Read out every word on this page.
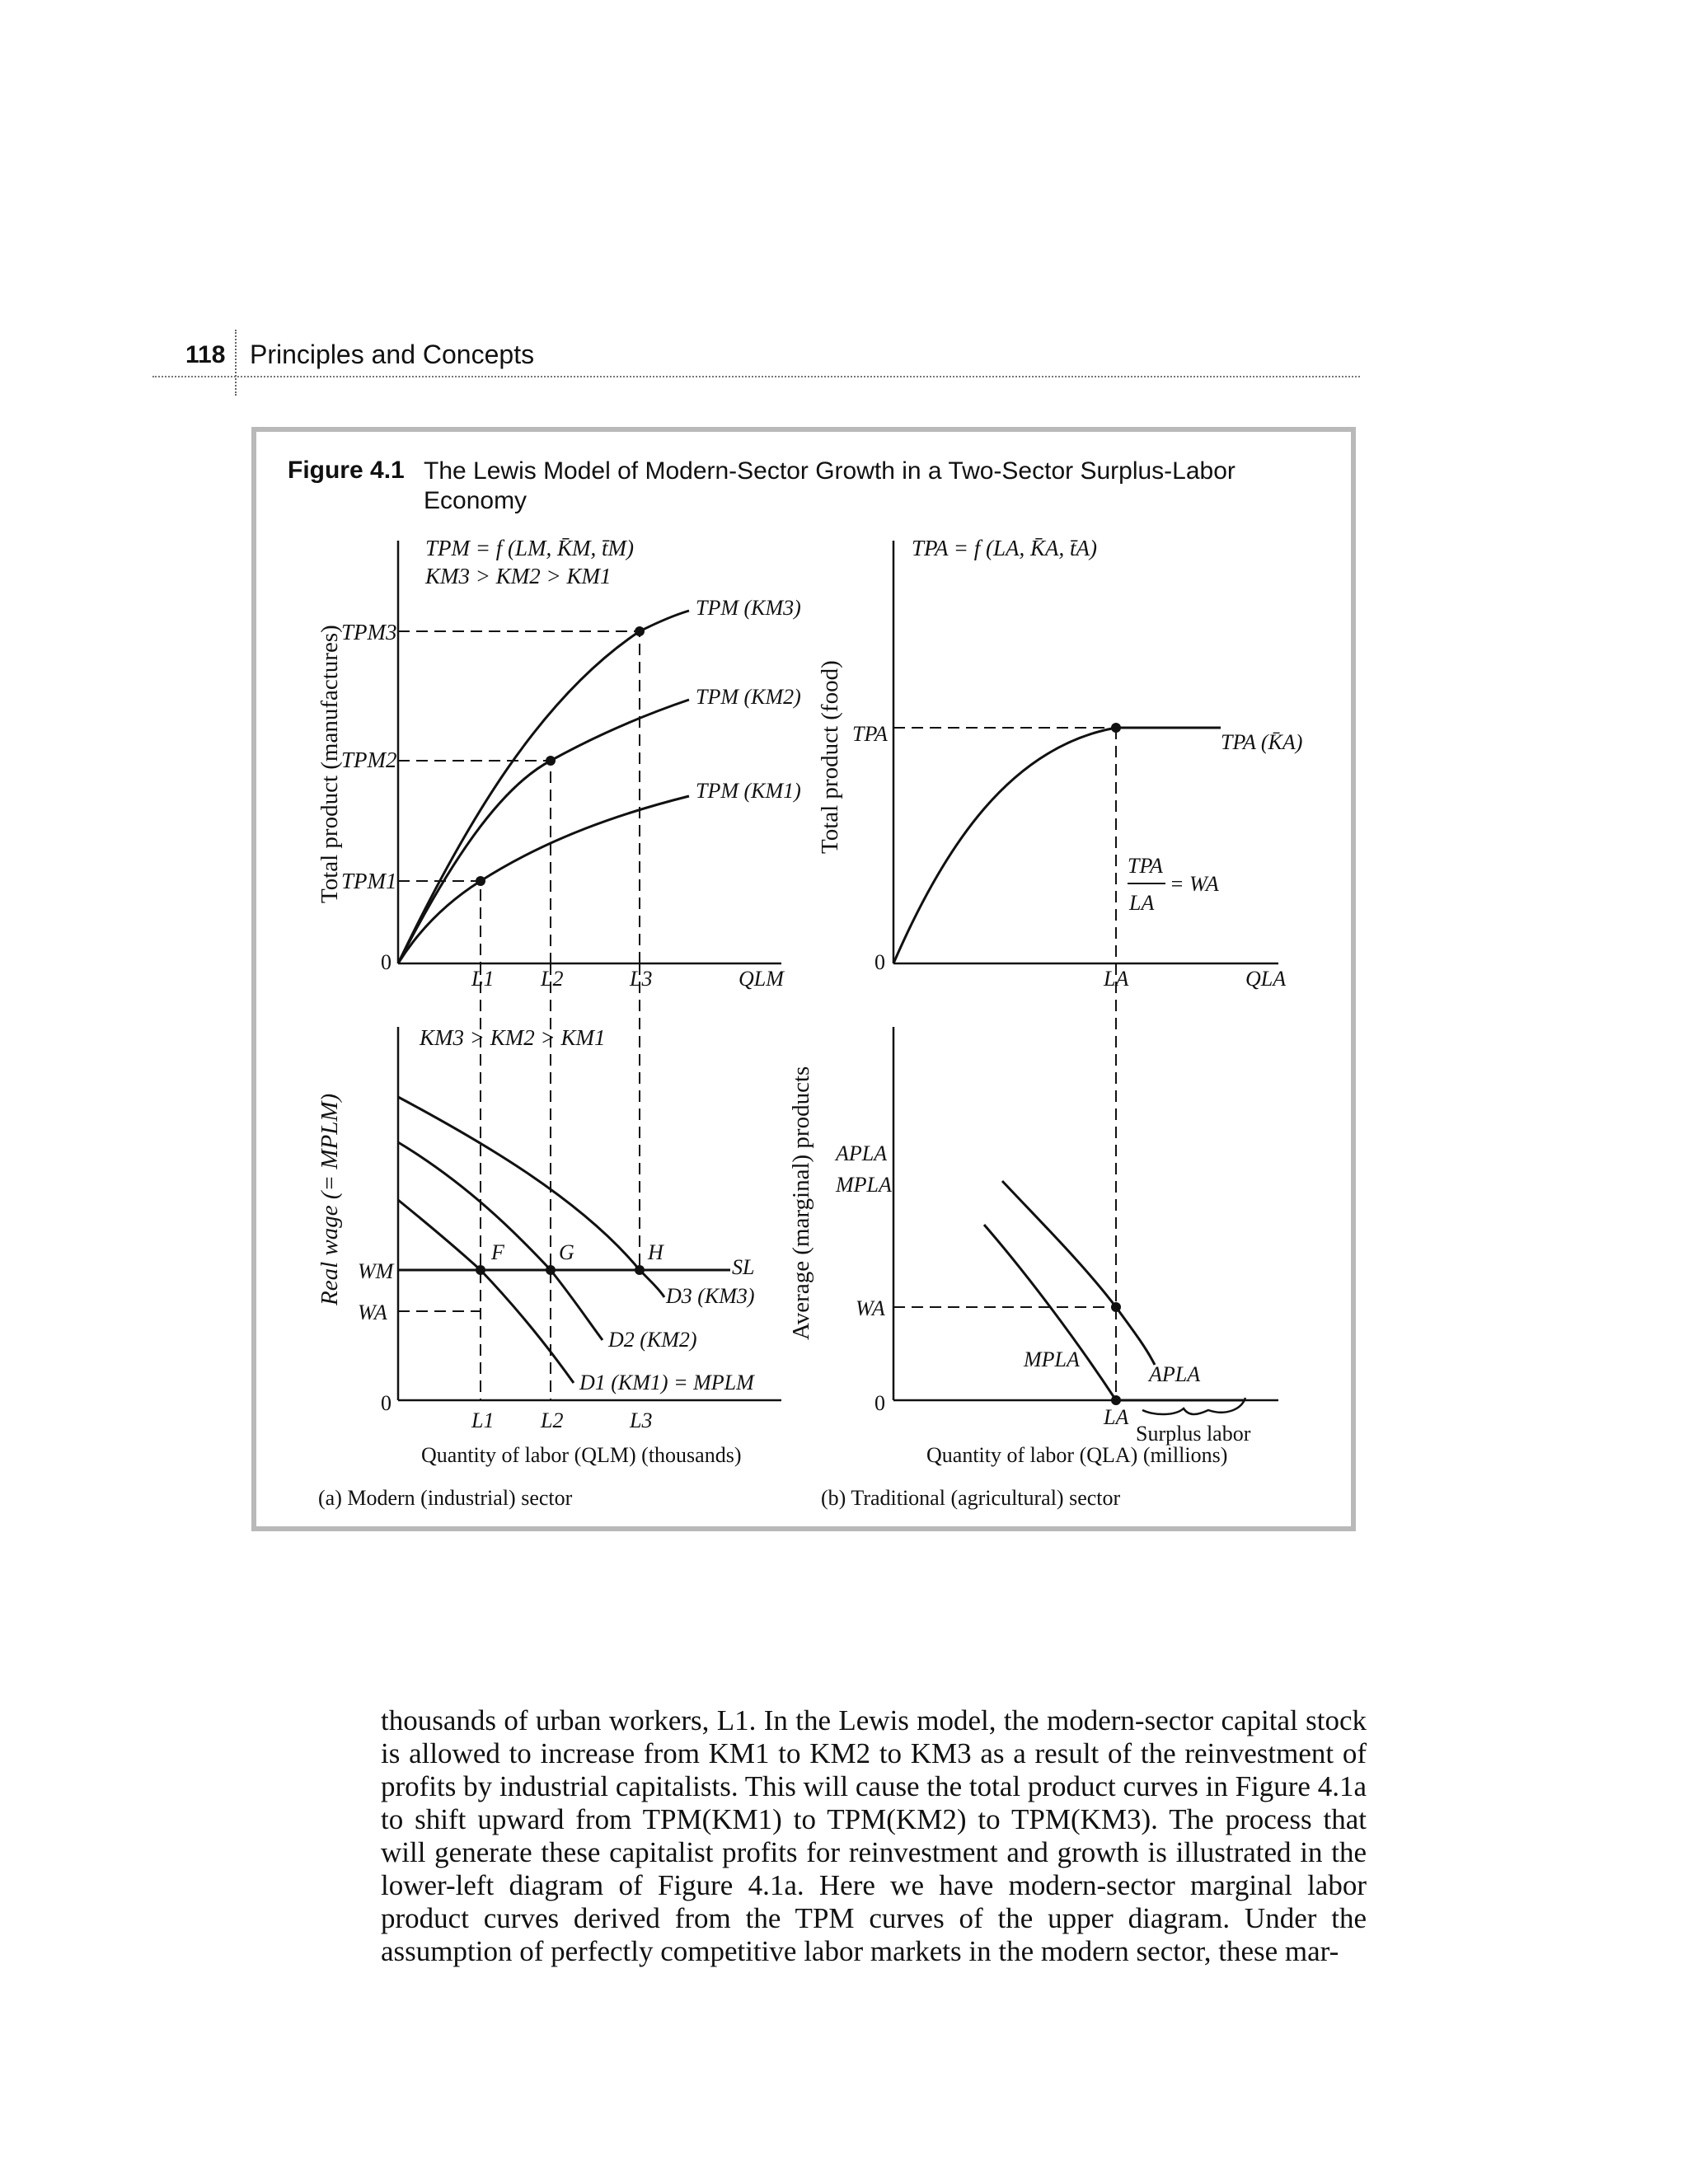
118 Principles and Concepts
Figure 4.1 The Lewis Model of Modern-Sector Growth in a Two-Sector Surplus-Labor Economy
Total product (manufactures)
TPM = f (LM, K̄M, t̄M)
KM3 > KM2 > KM1
0
TPM3
TPM2
TPM1
TPM (KM3)
TPM (KM2)
TPM (KM1)
L1 L2	L3	QLM
Real wage (= MPLM)
KM3 > KM2 > KM1
0
WM
WA
SL
F	G	H
D3 (KM3)
D2 (KM2)
D1 (KM1) = MPLM
L1 L2	L3
Quantity of labor (QLM) (thousands)
(a) Modern (industrial) sector
Total product (food)
TPA = f (LA, K̄A, t̄A)
0
TPA	TPA (K̄A)
TPA
LA
= WA
LA	QLA
Average (marginal) products
0
APLA
MPLA
WA
MPLA
APLA
LA
Surplus labor
Quantity of labor (QLA) (millions)
(b) Traditional (agricultural) sector

thousands of urban workers, L1. In the Lewis model, the modern-sector capital stock is allowed to increase from KM1 to KM2 to KM3 as a result of the reinvestment of profits by industrial capitalists. This will cause the total product curves in Figure 4.1a to shift upward from TPM(KM1) to TPM(KM2) to TPM(KM3). The process that will generate these capitalist profits for reinvestment and growth is illustrated in the lower-left diagram of Figure 4.1a. Here we have modern-sector marginal labor product curves derived from the TPM curves of the upper diagram. Under the assumption of perfectly competitive labor markets in the modern sector, these mar-
